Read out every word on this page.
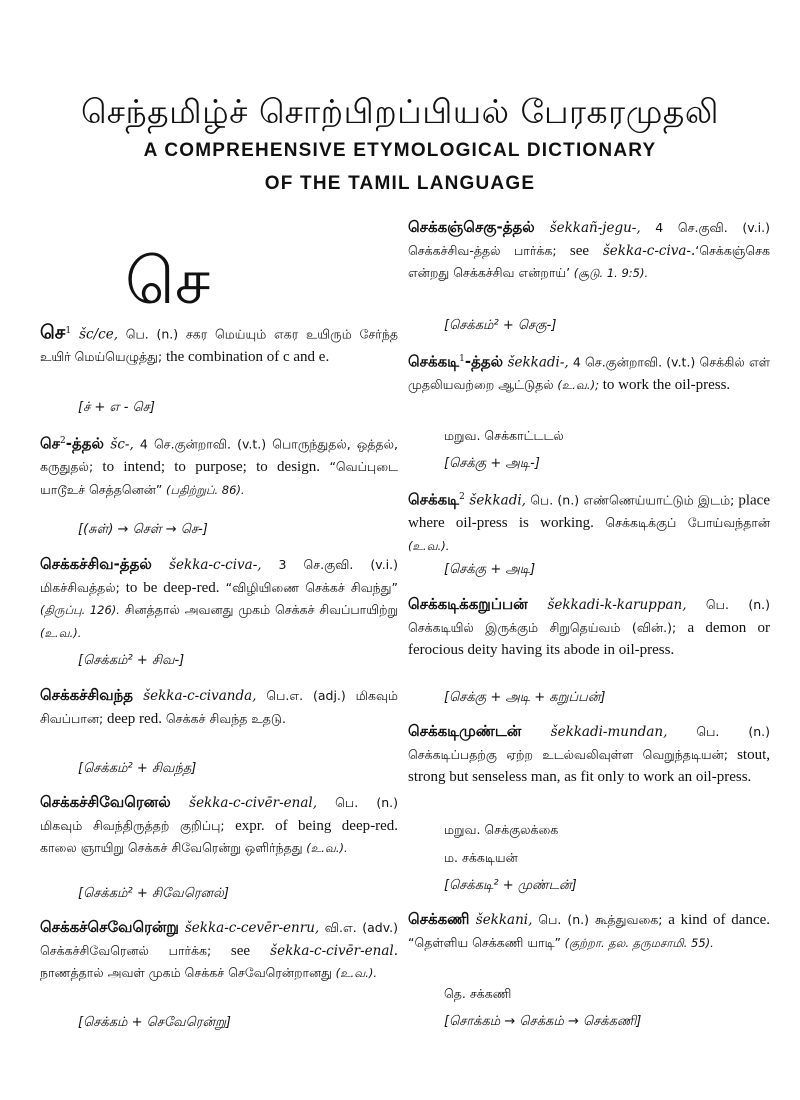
செந்தமிழ்ச் சொற்பிறப்பியல் பேரகரமுதலி
A COMPREHENSIVE ETYMOLOGICAL DICTIONARY
OF THE TAMIL LANGUAGE
செ
செ$^1$ šc/ce, பெ. (n.) சகர மெய்யும் எகர உயிரும் சேர்ந்த உயிர் மெய்யெழுத்து; the combination of c and e.
[ச் + எ - செ]
செ$^2$-த்தல் šc-, 4 செ.குன்றாவி. (v.t.) பொருந்துதல், ஒத்தல், கருதுதல்; to intend; to purpose; to design. “வெப்புடை யாடூஉச் செத்தனென்” (பதிற்றுப். 86).
[(சுள்) → செள் → செ-]
செக்கச்சிவ-த்தல் šekka-c-civa-, 3 செ.குவி. (v.i.) மிகச்சிவத்தல்; to be deep-red. “விழியிணை செக்கச் சிவந்து” (திருப்பு. 126). சினத்தால் அவனது முகம் செக்கச் சிவப்பாயிற்று (உ.வ.).
[செக்கம்² + சிவ-]
செக்கச்சிவந்த šekka-c-civanda, பெ.எ. (adj.) மிகவும் சிவப்பான; deep red. செக்கச் சிவந்த உதடு.
[செக்கம்² + சிவந்த]
செக்கச்சிவேரெனல் šekka-c-civēr-enal, பெ. (n.) மிகவும் சிவந்திருத்தற் குறிப்பு; expr. of being deep-red. காலை ஞாயிறு செக்கச் சிவேரென்று ஒளிர்ந்தது (உ.வ.).
[செக்கம்² + சிவேரெனல்]
செக்கச்செவேரென்று šekka-c-cevēr-enru, வி.எ. (adv.) செக்கச்சிவேரெனல் பார்க்க; see šekka-c-civēr-enal. நாணத்தால் அவள் முகம் செக்கச் செவேரென்றானது (உ.வ.).
[செக்கம் + செவேரென்று]
செக்கஞ்செகு-த்தல் šekkañ-jegu-, 4 செ.குவி. (v.i.) செக்கச்சிவ-த்தல் பார்க்க; see šekka-c-civa-.‘செக்கஞ்செக என்றது செக்கச்சிவ என்றாய்’ (சூடு. 1. 9:5).
[செக்கம்² + செகு-]
செக்கடி$^1$-த்தல் šekkadi-, 4 செ.குன்றாவி. (v.t.) செக்கில் எள் முதலியவற்றை ஆட்டுதல் (உ.வ.); to work the oil-press.
மறுவ. செக்காட்டடல்
[செக்கு + அடி-]
செக்கடி$^2$ šekkadi, பெ. (n.) எண்ணெய்யாட்டும் இடம்; place where oil-press is working. செக்கடிக்குப் போய்வந்தான் (உ.வ.).
[செக்கு + அடி]
செக்கடிக்கறுப்பன் šekkadi-k-karuppan, பெ. (n.) செக்கடியில் இருக்கும் சிறுதெய்வம் (வின்.); a demon or ferocious deity having its abode in oil-press.
[செக்கு + அடி + கறுப்பன்]
செக்கடிமுண்டன் šekkadi-mundan, பெ. (n.) செக்கடிப்பதற்கு ஏற்ற உடல்வலிவுள்ள வெறுந்தடியன்; stout, strong but senseless man, as fit only to work an oil-press.
மறுவ. செக்குலக்கை
ம. சக்கடியன்
[செக்கடி² + முண்டன்]
செக்கணி šekkani, பெ. (n.) கூத்துவகை; a kind of dance. “தெள்ளிய செக்கணி யாடி” (குற்றா. தல. தருமசாமி. 55).
தெ. சக்கணி
[சொக்கம் → செக்கம் → செக்கணி]
